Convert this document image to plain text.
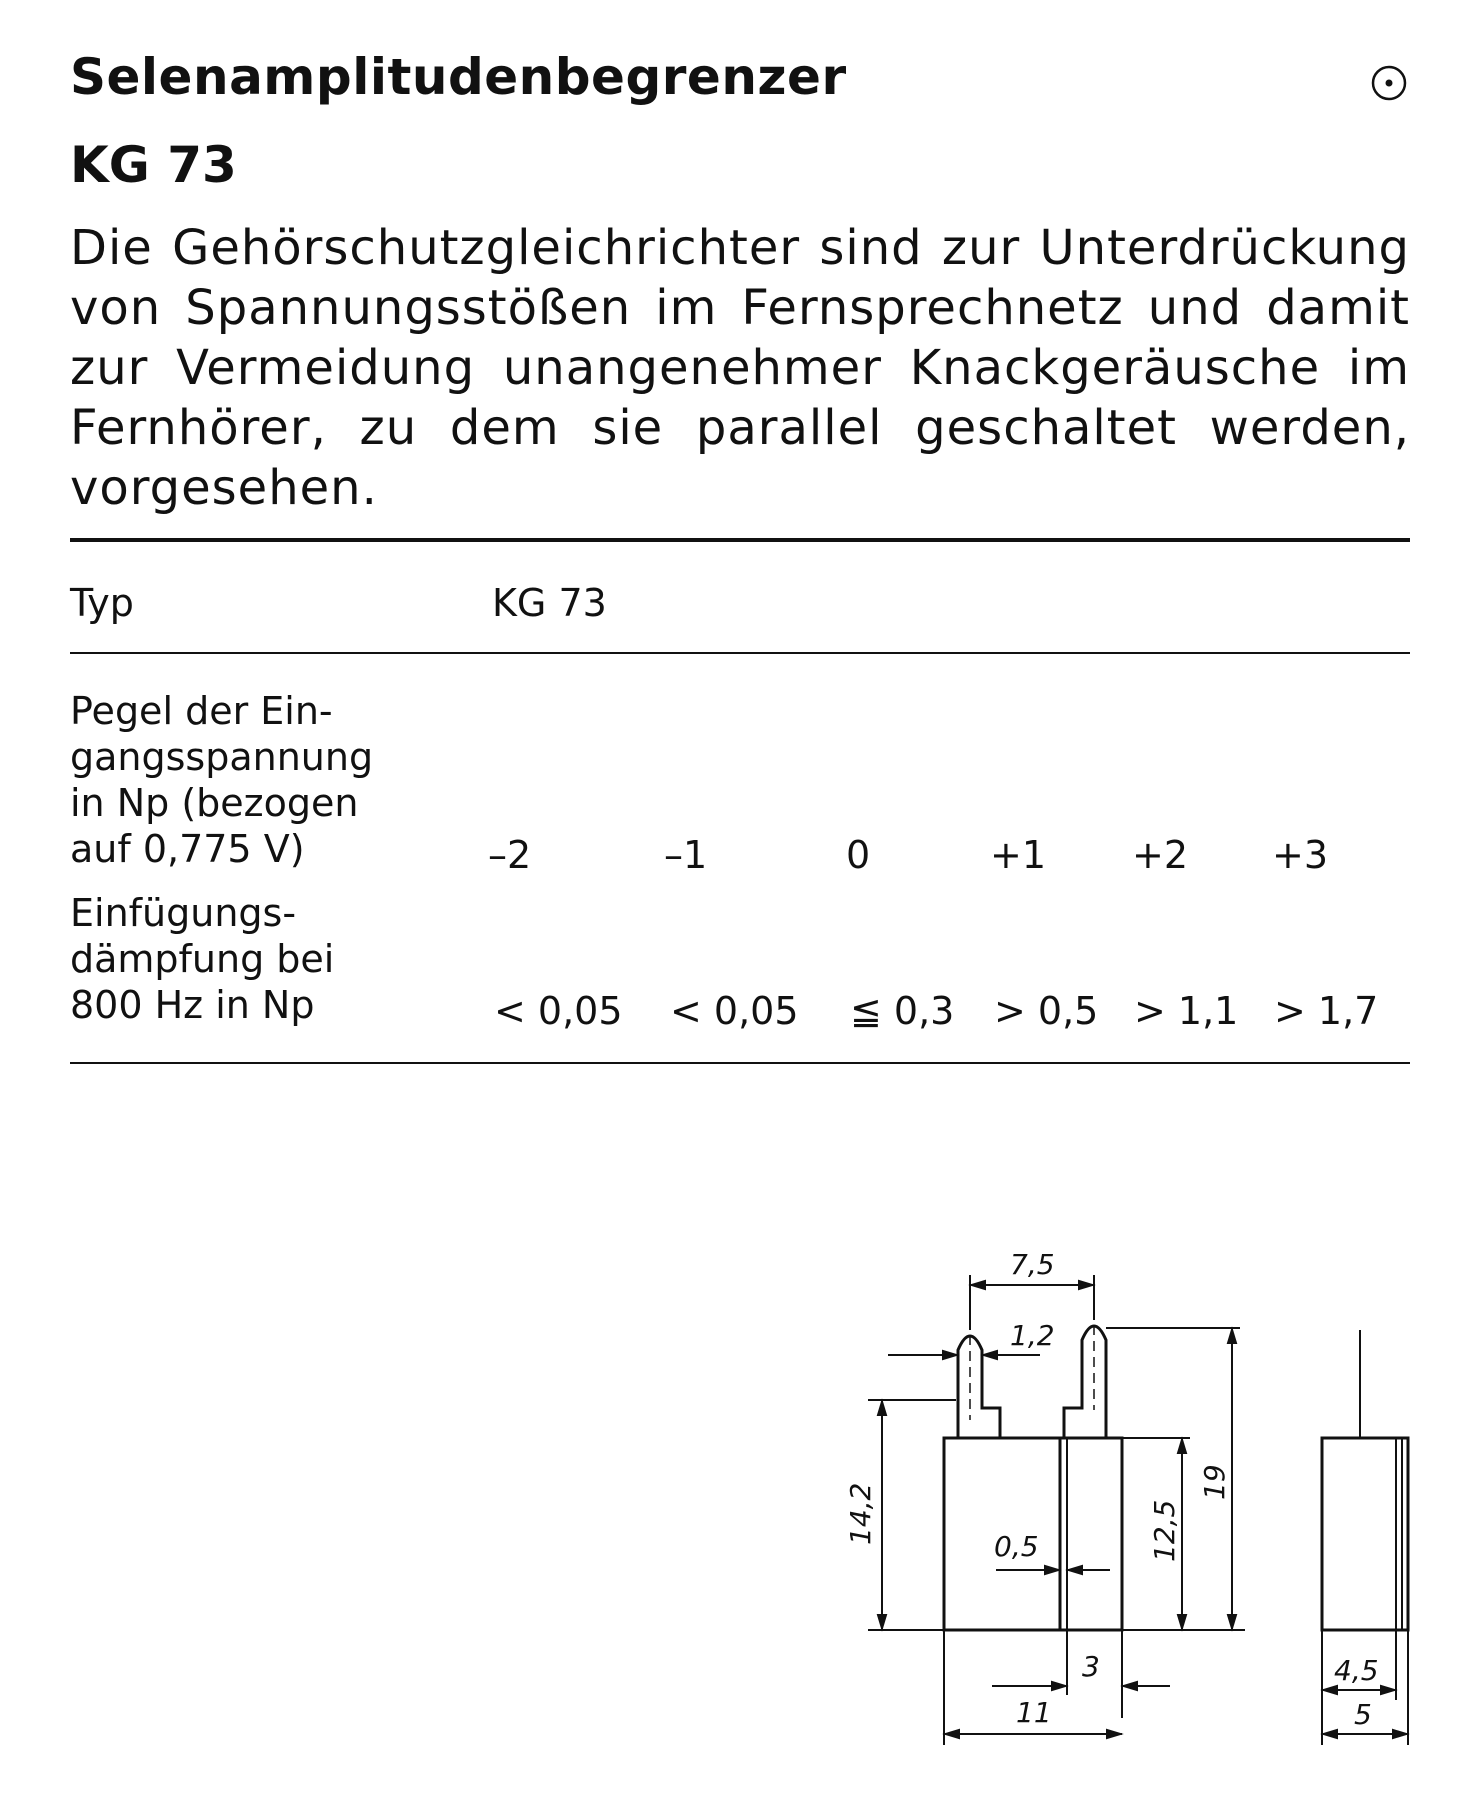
Selenamplitudenbegrenzer
KG 73

Die Gehörschutzgleichrichter sind zur Unterdrückung von Spannungsstößen im Fernsprechnetz und damit zur Vermeidung unangenehmer Knackgeräusche im Fernhörer, zu dem sie parallel geschaltet werden, vorgesehen.

Typ	KG 73
Pegel der Ein-
gangsspannung
in Np (bezogen
auf 0,775 V)	–2	–1	0	+1 +2 +3
Einfügungs-
dämpfung bei
800 Hz in Np	< 0,05 < 0,05 ≦ 0,3 > 0,5 > 1,1 > 1,7
7,5
1,2
14,2
0,5	12,5
19
3
11
4,5
5
